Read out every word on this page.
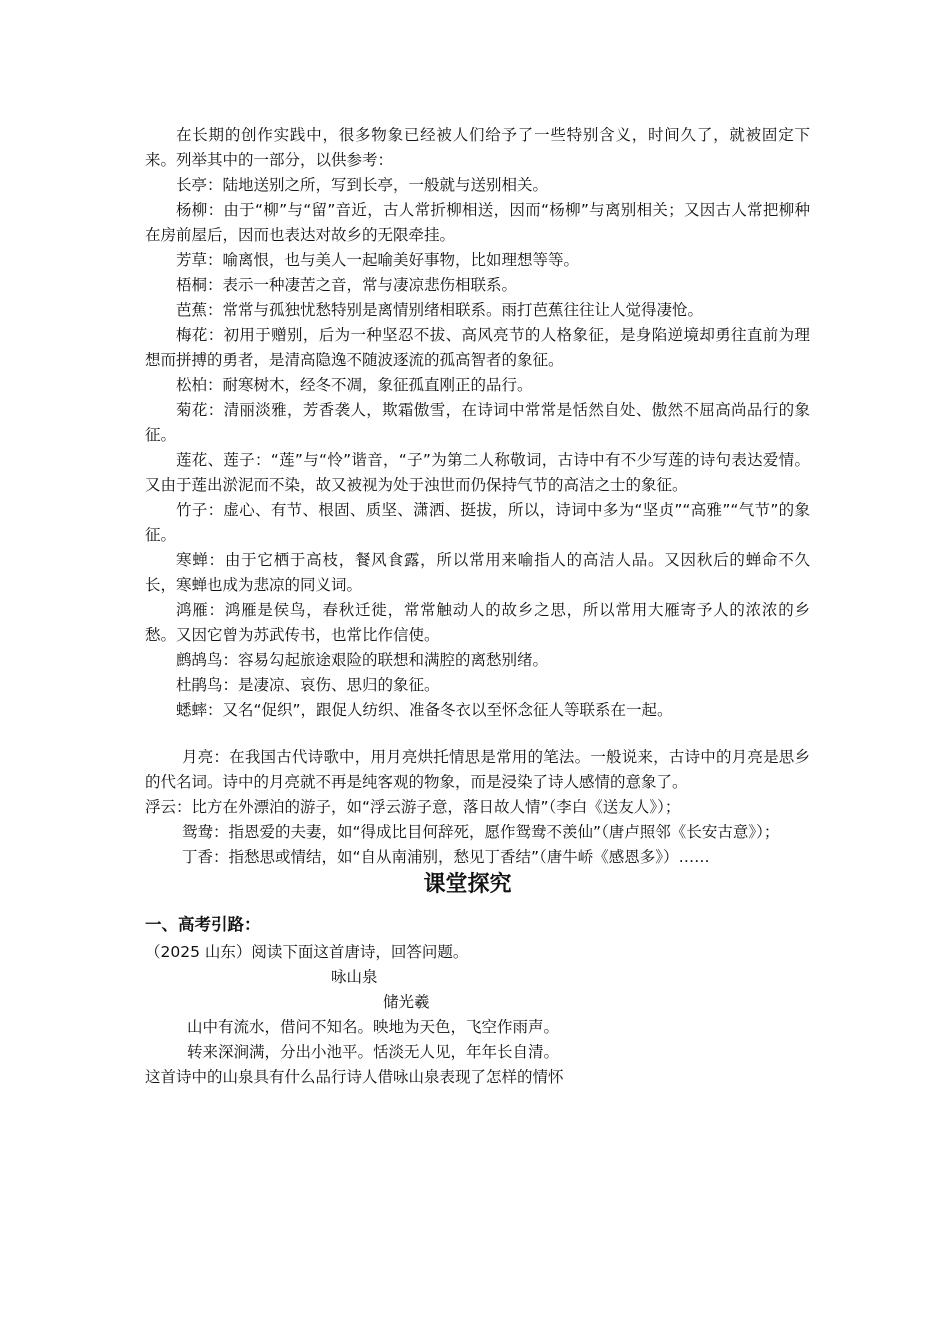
在长期的创作实践中，很多物象已经被人们给予了一些特别含义，时间久了，就被固定下来。列举其中的一部分，以供参考：

长亭：陆地送别之所，写到长亭，一般就与送别相关。

杨柳：由于“柳”与“留”音近，古人常折柳相送，因而“杨柳”与离别相关；又因古人常把柳种在房前屋后，因而也表达对故乡的无限牵挂。

芳草：喻离恨，也与美人一起喻美好事物，比如理想等等。

梧桐：表示一种凄苦之音，常与凄凉悲伤相联系。

芭蕉：常常与孤独忧愁特别是离情别绪相联系。雨打芭蕉往往让人觉得凄怆。

梅花：初用于赠别，后为一种坚忍不拔、高风亮节的人格象征，是身陷逆境却勇往直前为理想而拼搏的勇者，是清高隐逸不随波逐流的孤高智者的象征。

松柏：耐寒树木，经冬不凋，象征孤直刚正的品行。

菊花：清丽淡雅，芳香袭人，欺霜傲雪，在诗词中常常是恬然自处、傲然不屈高尚品行的象征。

莲花、莲子：“莲”与“怜”谐音，“子”为第二人称敬词，古诗中有不少写莲的诗句表达爱情。又由于莲出淤泥而不染，故又被视为处于浊世而仍保持气节的高洁之士的象征。

竹子：虚心、有节、根固、质坚、潇洒、挺拔，所以，诗词中多为“坚贞”“高雅”“气节”的象征。

寒蝉：由于它栖于高枝，餐风食露，所以常用来喻指人的高洁人品。又因秋后的蝉命不久长，寒蝉也成为悲凉的同义词。

鸿雁：鸿雁是侯鸟，春秋迁徙，常常触动人的故乡之思，所以常用大雁寄予人的浓浓的乡愁。又因它曾为苏武传书，也常比作信使。

鹧鸪鸟：容易勾起旅途艰险的联想和满腔的离愁别绪。

杜鹃鸟：是凄凉、哀伤、思归的象征。

蟋蟀：又名“促织”，跟促人纺织、准备冬衣以至怀念征人等联系在一起。

月亮：在我国古代诗歌中，用月亮烘托情思是常用的笔法。一般说来，古诗中的月亮是思乡的代名词。诗中的月亮就不再是纯客观的物象，而是浸染了诗人感情的意象了。

浮云：比方在外漂泊的游子，如“浮云游子意，落日故人情”（李白《送友人》）；

鸳鸯：指恩爱的夫妻，如“得成比目何辞死，愿作鸳鸯不羡仙”（唐卢照邻《长安古意》）；

丁香：指愁思或情结，如“自从南浦别，愁见丁香结”（唐牛峤《感恩多》）……

课堂探究

一、高考引路：

（2025 山东）阅读下面这首唐诗，回答问题。

咏山泉

储光羲

山中有流水，借问不知名。映地为天色，飞空作雨声。

转来深涧满，分出小池平。恬淡无人见，年年长自清。

这首诗中的山泉具有什么品行诗人借咏山泉表现了怎样的情怀
